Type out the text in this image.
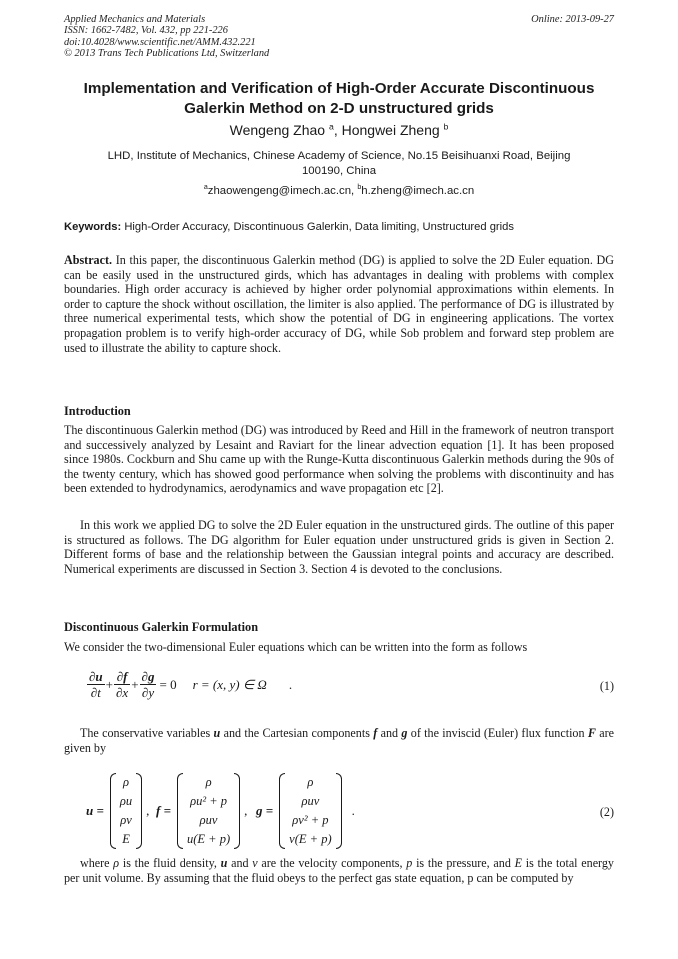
Applied Mechanics and Materials
ISSN: 1662-7482, Vol. 432, pp 221-226
doi:10.4028/www.scientific.net/AMM.432.221
© 2013 Trans Tech Publications Ltd, Switzerland
Online: 2013-09-27
Implementation and Verification of High-Order Accurate Discontinuous
Galerkin Method on 2-D unstructured grids
Wengeng Zhao $^a$, Hongwei Zheng $^b$
LHD, Institute of Mechanics, Chinese Academy of Science, No.15 Beisihuanxi Road, Beijing
100190, China
$^a$zhaowengeng@imech.ac.cn, $^b$h.zheng@imech.ac.cn
Keywords: High-Order Accuracy, Discontinuous Galerkin, Data limiting, Unstructured grids
Abstract. In this paper, the discontinuous Galerkin method (DG) is applied to solve the 2D Euler equation. DG can be easily used in the unstructured girds, which has advantages in dealing with problems with complex boundaries. High order accuracy is achieved by higher order polynomial approximations within elements. In order to capture the shock without oscillation, the limiter is also applied. The performance of DG is illustrated by three numerical experimental tests, which show the potential of DG in engineering applications. The vortex propagation problem is to verify high-order accuracy of DG, while Sob problem and forward step problem are used to illustrate the ability to capture shock.
Introduction
The discontinuous Galerkin method (DG) was introduced by Reed and Hill in the framework of neutron transport and successively analyzed by Lesaint and Raviart for the linear advection equation [1]. It has been proposed since 1980s. Cockburn and Shu came up with the Runge-Kutta discontinuous Galerkin methods during the 90s of the twenty century, which has showed good performance when solving the problems with discontinuity and has been extended to hydrodynamics, aerodynamics and wave propagation etc [2].
In this work we applied DG to solve the 2D Euler equation in the unstructured girds. The outline of this paper is structured as follows. The DG algorithm for Euler equation under unstructured grids is given in Section 2. Different forms of base and the relationship between the Gaussian integral points and accuracy are described. Numerical experiments are discussed in Section 3. Section 4 is devoted to the conclusions.
Discontinuous Galerkin Formulation
We consider the two-dimensional Euler equations which can be written into the form as follows
$\frac{\partial u}{\partial t} + \frac{\partial f}{\partial x} + \frac{\partial g}{\partial y} = 0$ r = (x, y) ∈ Ω .	(1)
The conservative variables u and the Cartesian components f and g of the inviscid (Euler) flux function F are given by
u =
ρ
ρu
ρv
E
, f =
ρ
ρu² + p
ρuv
u(E + p)
, g =
ρ
ρuv
ρv² + p
v(E + p)
.	(2)
where ρ is the fluid density, u and v are the velocity components, p is the pressure, and E is the total energy per unit volume. By assuming that the fluid obeys to the perfect gas state equation, p can be computed by
